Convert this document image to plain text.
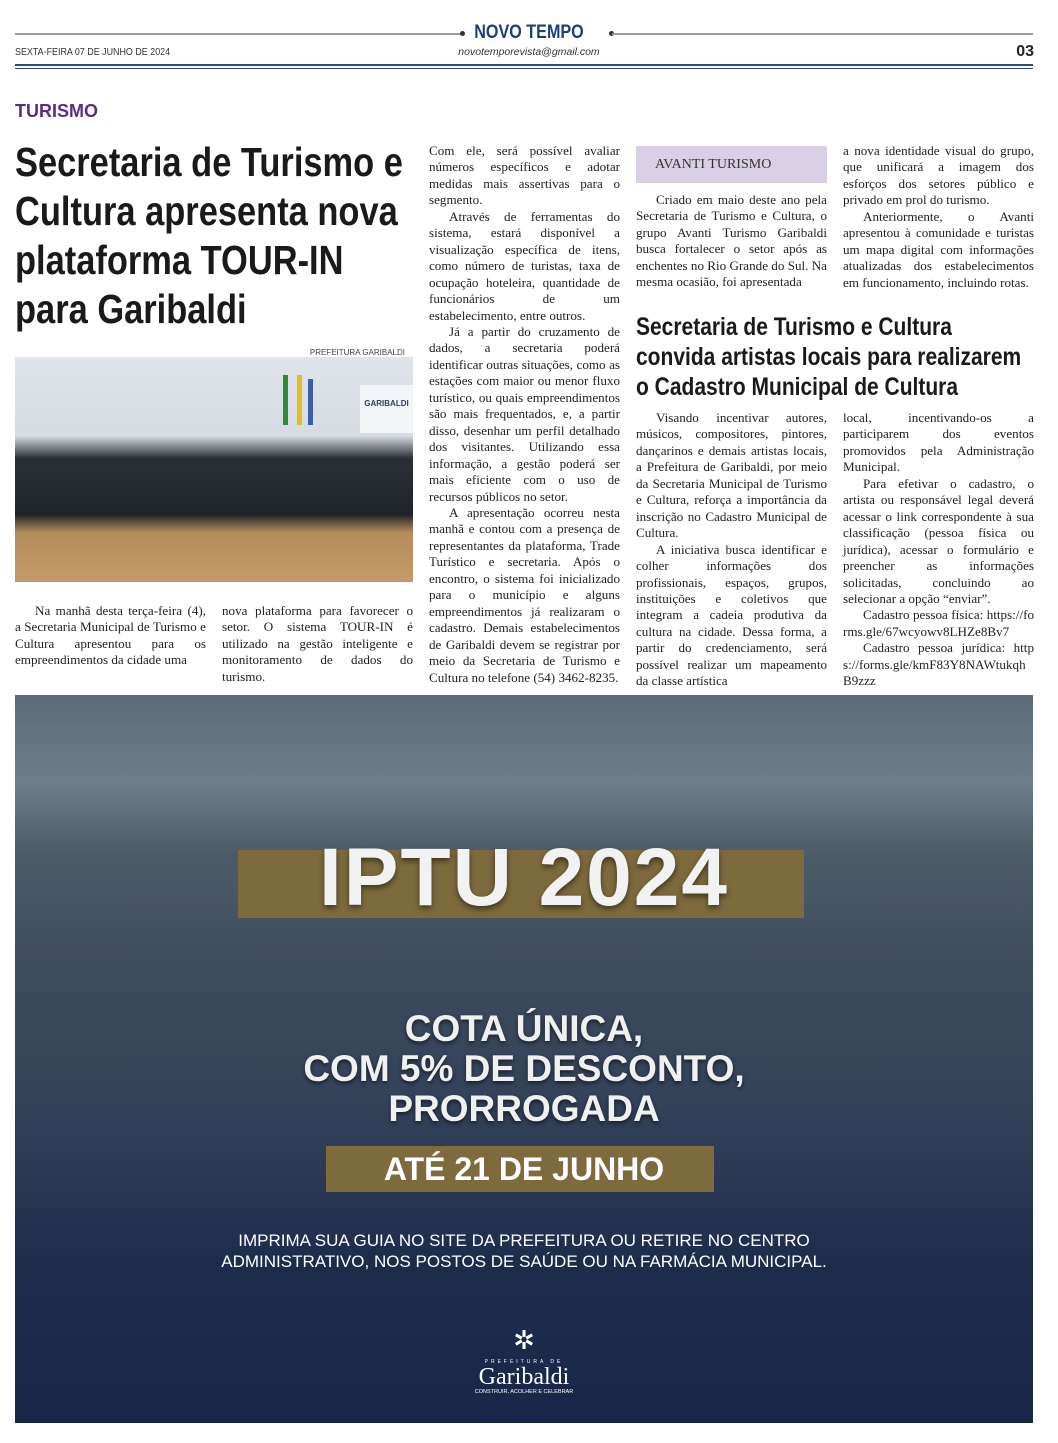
NOVO TEMPO
novotemporevista@gmail.com
SEXTA-FEIRA 07 DE JUNHO DE 2024	03
TURISMO
Secretaria de Turismo e Cultura apresenta nova plataforma TOUR-IN para Garibaldi
PREFEITURA GARIBALDI
GARIBALDI

Na manhã desta terça-feira (4), a Secretaria Municipal de Turismo e Cultura apresentou para os empreendimentos da cidade uma

nova plataforma para favorecer o setor. O sistema TOUR-IN é utilizado na gestão inteligente e monitoramento de dados do turismo.

Com ele, será possível avaliar números específicos e adotar medidas mais assertivas para o segmento.

Através de ferramentas do sistema, estará disponível a visualização específica de itens, como número de turistas, taxa de ocupação hoteleira, quantidade de funcionários de um estabelecimento, entre outros.

Já a partir do cruzamento de dados, a secretaria poderá identificar outras situações, como as estações com maior ou menor fluxo turístico, ou quais empreendimentos são mais frequentados, e, a partir disso, desenhar um perfil detalhado dos visitantes. Utilizando essa informação, a gestão poderá ser mais eficiente com o uso de recursos públicos no setor.

A apresentação ocorreu nesta manhã e contou com a presença de representantes da plataforma, Trade Turístico e secretaria. Após o encontro, o sistema foi inicializado para o município e alguns empreendimentos já realizaram o cadastro. Demais estabelecimentos de Garibaldi devem se registrar por meio da Secretaria de Turismo e Cultura no telefone (54) 3462-8235.

AVANTI TURISMO

Criado em maio deste ano pela Secretaria de Turismo e Cultura, o grupo Avanti Turismo Garibaldi busca fortalecer o setor após as enchentes no Rio Grande do Sul. Na mesma ocasião, foi apresentada

a nova identidade visual do grupo, que unificará a imagem dos esforços dos setores público e privado em prol do turismo.

Anteriormente, o Avanti apresentou à comunidade e turistas um mapa digital com informações atualizadas dos estabelecimentos em funcionamento, incluindo rotas.

Secretaria de Turismo e Cultura convida artistas locais para realizarem o Cadastro Municipal de Cultura

Visando incentivar autores, músicos, compositores, pintores, dançarinos e demais artistas locais, a Prefeitura de Garibaldi, por meio da Secretaria Municipal de Turismo e Cultura, reforça a importância da inscrição no Cadastro Municipal de Cultura.

A iniciativa busca identificar e colher informações dos profissionais, espaços, grupos, instituições e coletivos que integram a cadeia produtiva da cultura na cidade. Dessa forma, a partir do credenciamento, será possível realizar um mapeamento da classe artística

local, incentivando-os a participarem dos eventos promovidos pela Administração Municipal.

Para efetivar o cadastro, o artista ou responsável legal deverá acessar o link correspondente à sua classificação (pessoa física ou jurídica), acessar o formulário e preencher as informações solicitadas, concluindo ao selecionar a opção “enviar”.

Cadastro pessoa física: https://forms.gle/67wcyowv8LHZe8Bv7

Cadastro pessoa jurídica: https://forms.gle/kmF83Y8NAWtukqhB9zzz

IPTU 2024
COTA ÚNICA,
COM 5% DE DESCONTO,
PRORROGADA
ATÉ 21 DE JUNHO
IMPRIMA SUA GUIA NO SITE DA PREFEITURA OU RETIRE NO CENTRO
ADMINISTRATIVO, NOS POSTOS DE SAÚDE OU NA FARMÁCIA MUNICIPAL.
✲
PREFEITURA DE
Garibaldi
CONSTRUIR, ACOLHER E CELEBRAR
